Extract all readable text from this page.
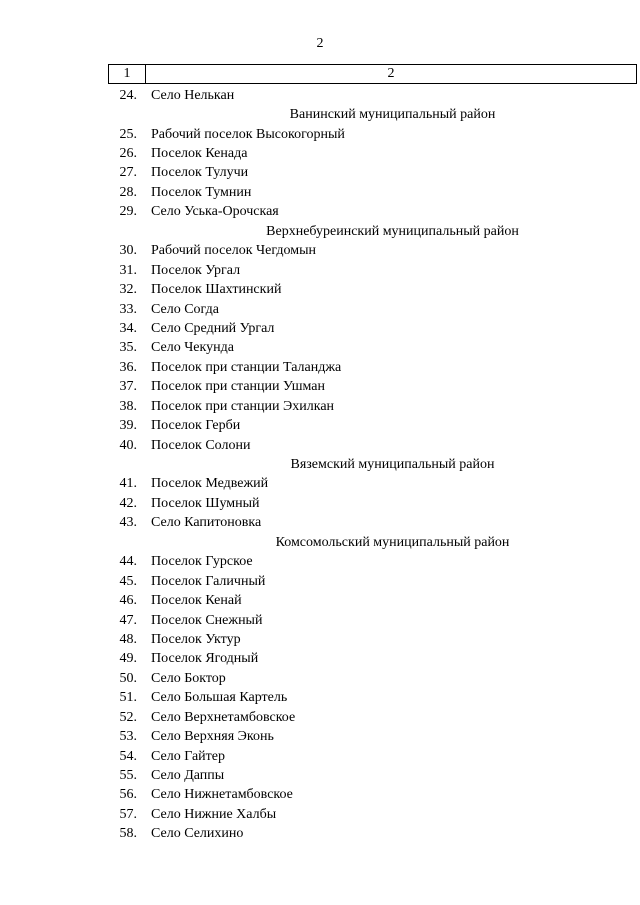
2
1	2
24. Село Нелькан
Ванинский муниципальный район
25. Рабочий поселок Высокогорный
26. Поселок Кенада
27. Поселок Тулучи
28. Поселок Тумнин
29. Село Уська-Орочская
Верхнебуреинский муниципальный район
30. Рабочий поселок Чегдомын
31. Поселок Ургал
32. Поселок Шахтинский
33. Село Согда
34. Село Средний Ургал
35. Село Чекунда
36. Поселок при станции Таланджа
37. Поселок при станции Ушман
38. Поселок при станции Эхилкан
39. Поселок Герби
40. Поселок Солони
Вяземский муниципальный район
41. Поселок Медвежий
42. Поселок Шумный
43. Село Капитоновка
Комсомольский муниципальный район
44. Поселок Гурское
45. Поселок Галичный
46. Поселок Кенай
47. Поселок Снежный
48. Поселок Уктур
49. Поселок Ягодный
50. Село Боктор
51. Село Большая Картель
52. Село Верхнетамбовское
53. Село Верхняя Эконь
54. Село Гайтер
55. Село Даппы
56. Село Нижнетамбовское
57. Село Нижние Халбы
58. Село Селихино
